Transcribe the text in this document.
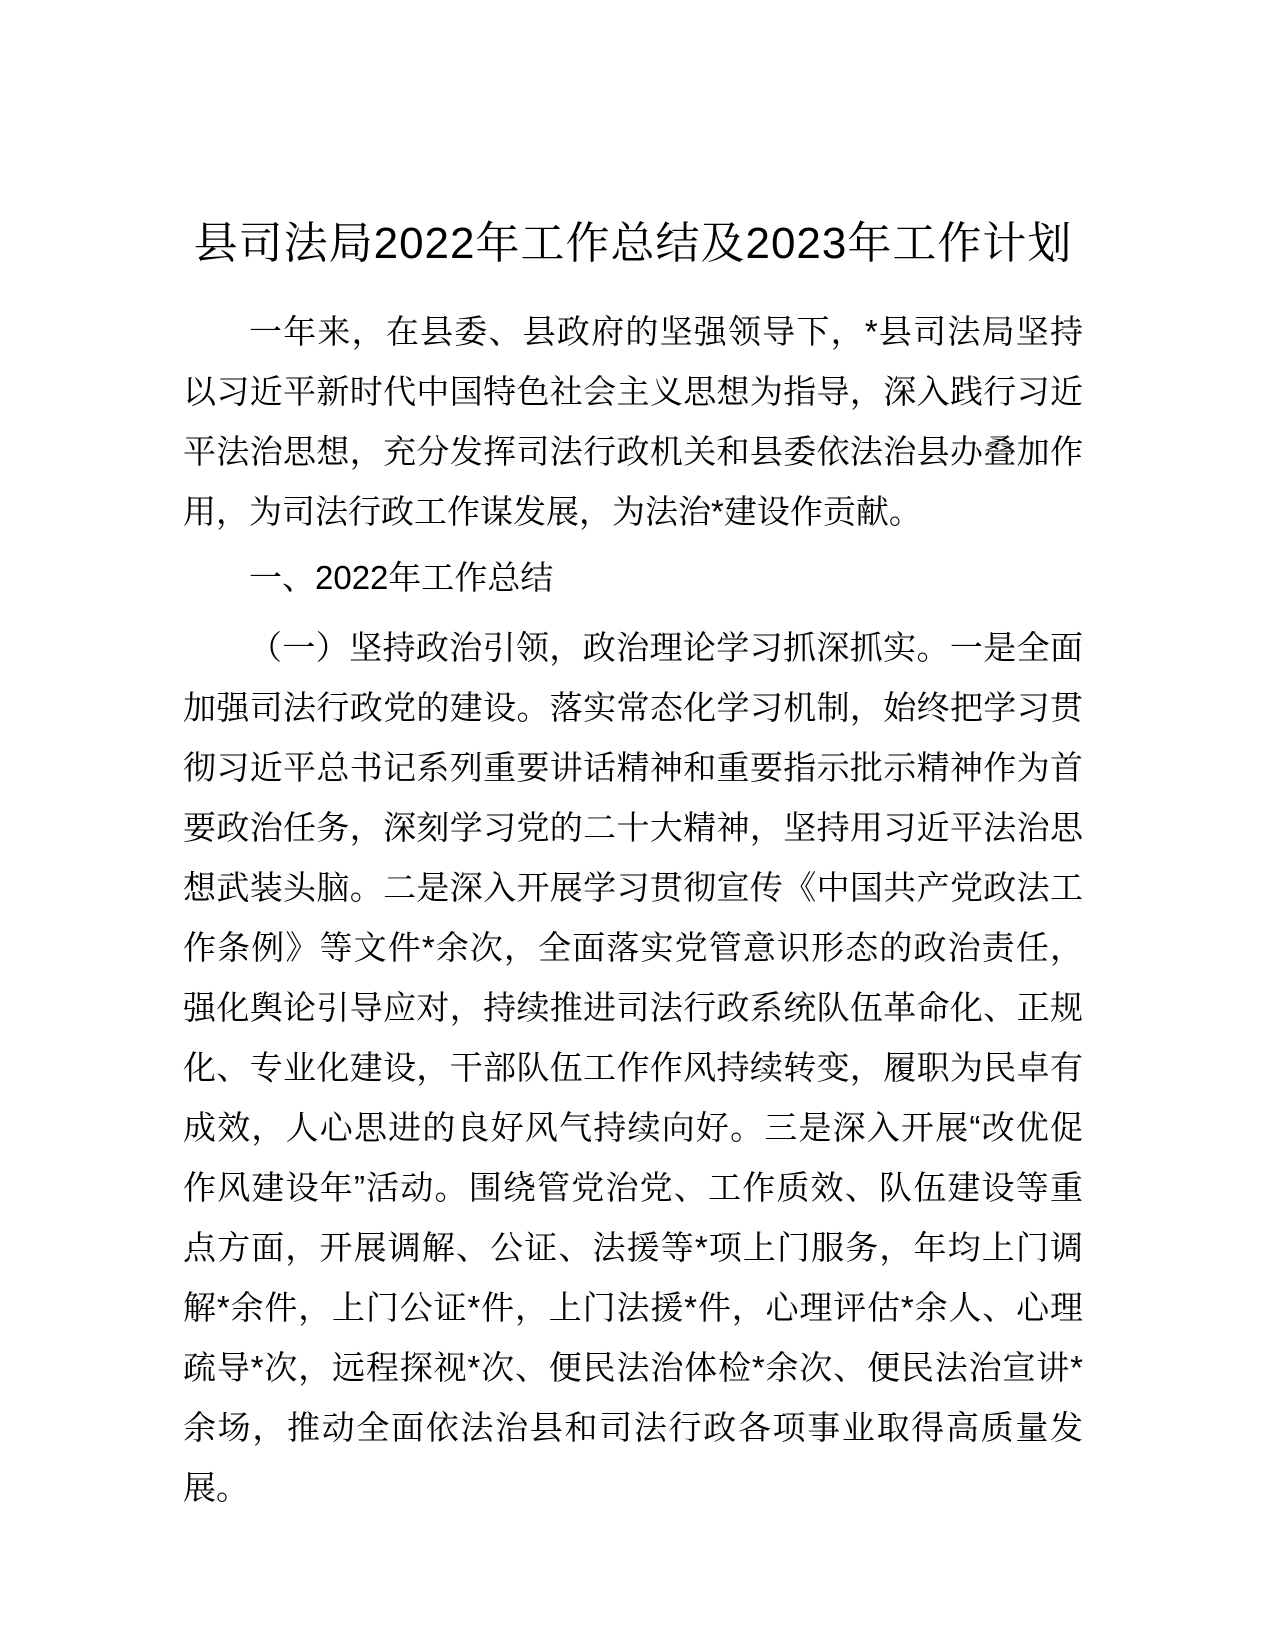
县司法局2022年工作总结及2023年工作计划

一年来，在县委、县政府的坚强领导下，*县司法局坚持
以习近平新时代中国特色社会主义思想为指导，深入践行习近
平法治思想，充分发挥司法行政机关和县委依法治县办叠加作
用，为司法行政工作谋发展，为法治*建设作贡献。

一、2022年工作总结

（一）坚持政治引领，政治理论学习抓深抓实。一是全面
加强司法行政党的建设。落实常态化学习机制，始终把学习贯
彻习近平总书记系列重要讲话精神和重要指示批示精神作为首
要政治任务，深刻学习党的二十大精神，坚持用习近平法治思
想武装头脑。二是深入开展学习贯彻宣传《中国共产党政法工
作条例》等文件*余次，全面落实党管意识形态的政治责任，
强化舆论引导应对，持续推进司法行政系统队伍革命化、正规
化、专业化建设，干部队伍工作作风持续转变，履职为民卓有
成效，人心思进的良好风气持续向好。三是深入开展“改优促
作风建设年”活动。围绕管党治党、工作质效、队伍建设等重
点方面，开展调解、公证、法援等*项上门服务，年均上门调
解*余件，上门公证*件，上门法援*件，心理评估*余人、心理
疏导*次，远程探视*次、便民法治体检*余次、便民法治宣讲*
余场，推动全面依法治县和司法行政各项事业取得高质量发
展。
